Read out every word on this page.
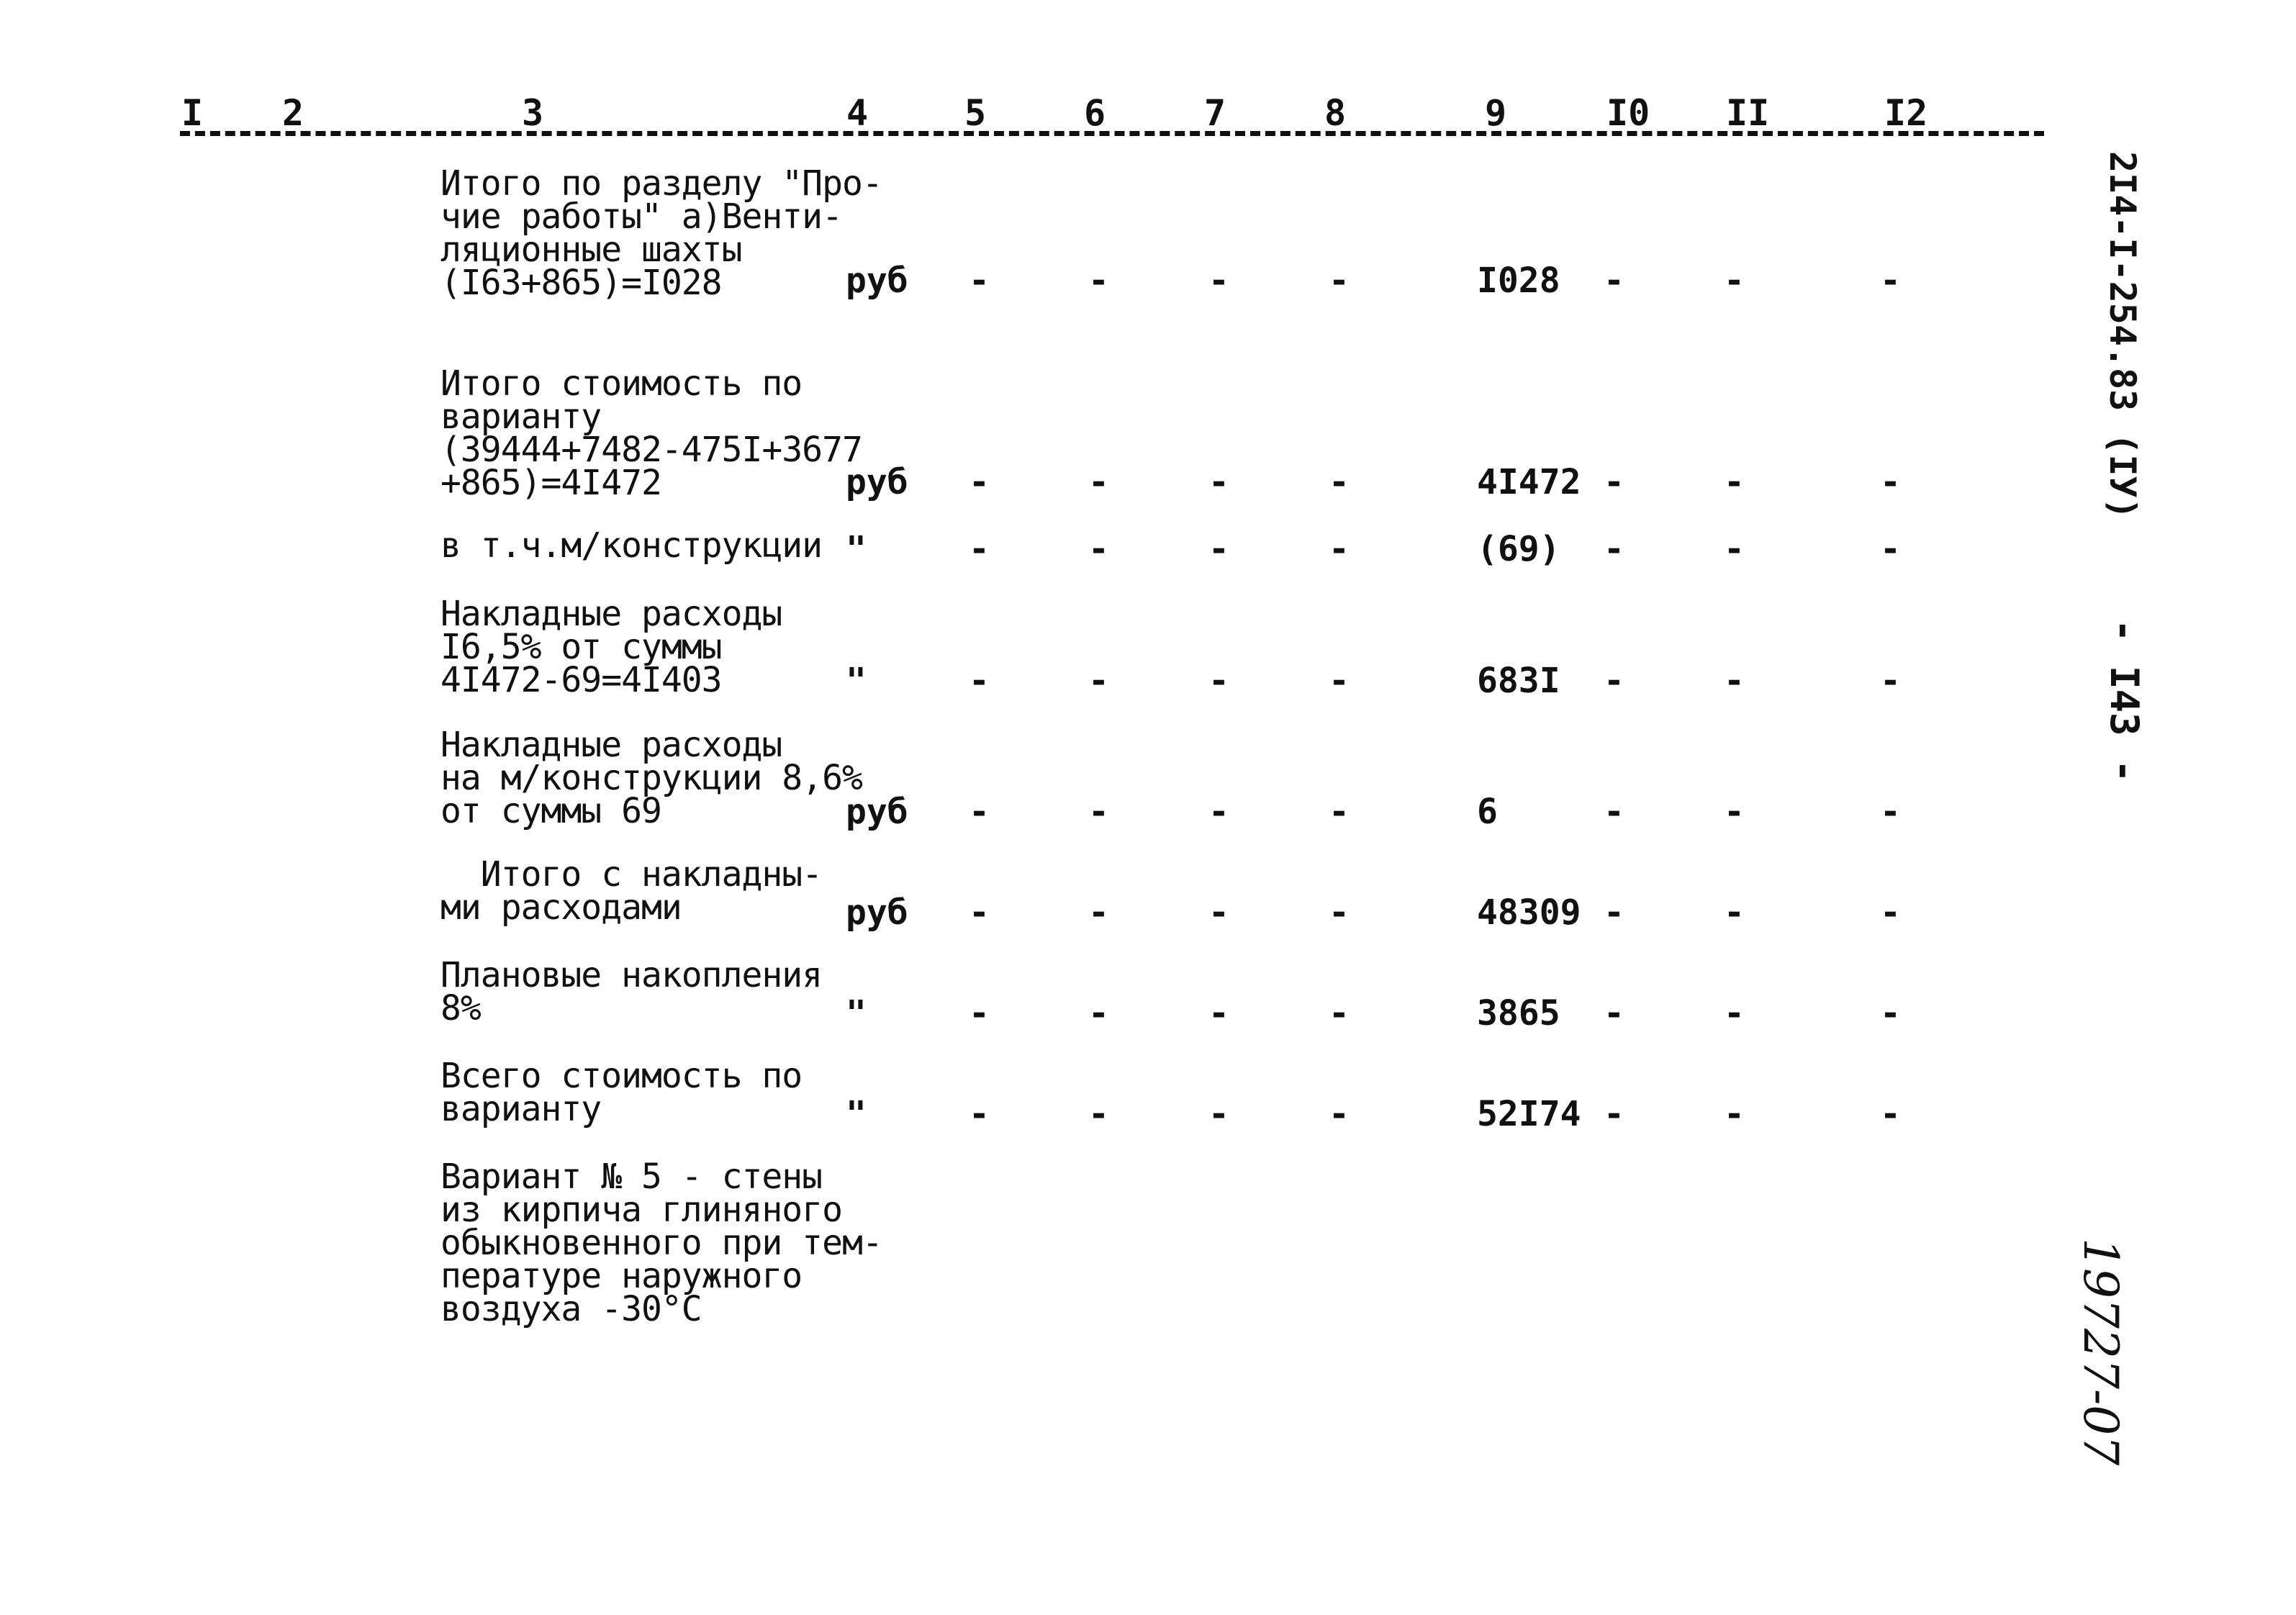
I 2	3	4	5	6	7	8	9	I0 II	I2
Итого по разделу "Про-
чие работы" а)Венти-
ляционные шахты
(I63+865)=I028	руб -	-	-	-	I028 -	-	-
Итого стоимость по
варианту
(39444+7482-475I+3677
+865)=4I472	руб -	-	-	-	4I472 -	-	-
в т.ч.м/конструкции "	-	-	-	-	(69) -	-	-
Накладные расходы
I6,5% от суммы
4I472-69=4I403	"	-	-	-	-	683I -	-	-
Накладные расходы
на м/конструкции 8,6%
от суммы 69	руб -	-	-	-	6	-	-	-
Итого с накладны-
ми расходами	руб -	-	-	-	48309 -	-	-
Плановые накопления
8%	"	-	-	-	-	3865 -	-	-
Всего стоимость по
варианту	"	-	-	-	-	52I74 -	-	-
Вариант № 5 - стены
из кирпича глиняного
обыкновенного при тем-
пературе наружного
воздуха -30°С
2I4-I-254.83 (IУ)
- I43 -
19727-07
